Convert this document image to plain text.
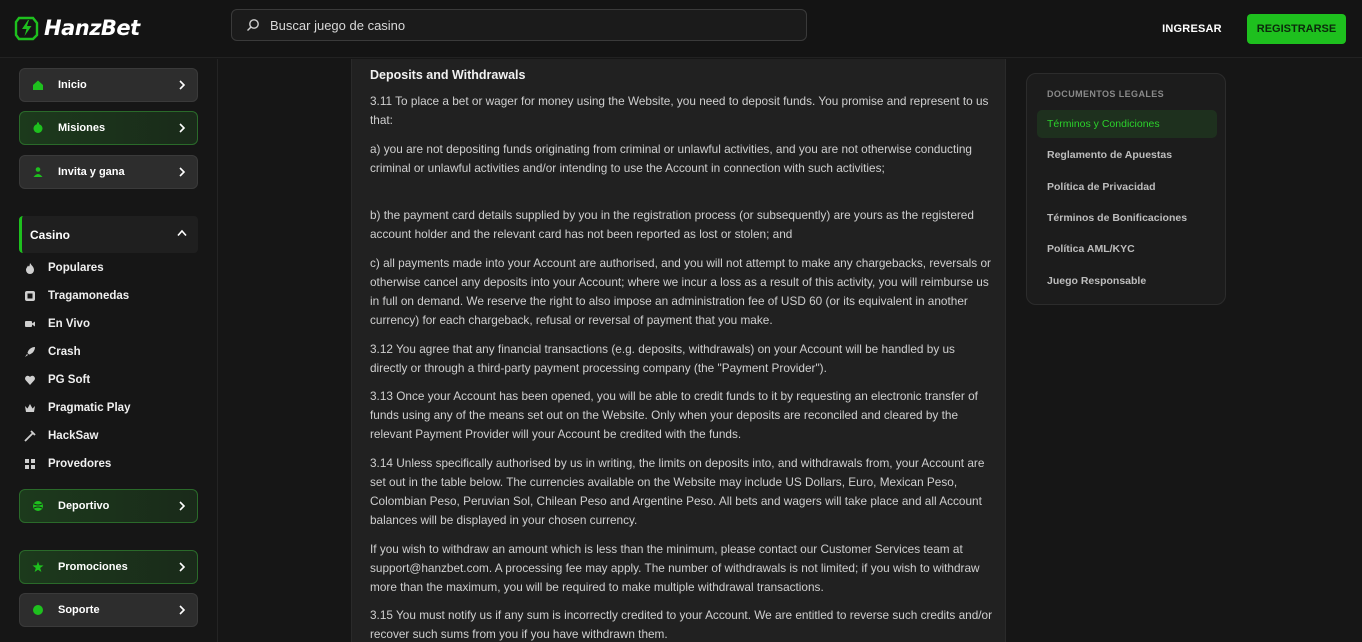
HanzBet	Buscar juego de casino	INGRESAR	REGISTRARSE
Inicio
Misiones
Invita y gana
Casino
Populares
Tragamonedas
En Vivo
Crash
PG Soft
Pragmatic Play
HackSaw
Provedores
Deportivo
Promociones
Soporte
Deposits and Withdrawals

3.11 To place a bet or wager for money using the Website, you need to deposit funds. You promise and represent to us that:

a) you are not depositing funds originating from criminal or unlawful activities, and you are not otherwise conducting criminal or unlawful activities and/or intending to use the Account in connection with such activities;

b) the payment card details supplied by you in the registration process (or subsequently) are yours as the registered account holder and the relevant card has not been reported as lost or stolen; and

c) all payments made into your Account are authorised, and you will not attempt to make any chargebacks, reversals or otherwise cancel any deposits into your Account; where we incur a loss as a result of this activity, you will reimburse us in full on demand. We reserve the right to also impose an administration fee of USD 60 (or its equivalent in another currency) for each chargeback, refusal or reversal of payment that you make.

3.12 You agree that any financial transactions (e.g. deposits, withdrawals) on your Account will be handled by us directly or through a third-party payment processing company (the "Payment Provider").

3.13 Once your Account has been opened, you will be able to credit funds to it by requesting an electronic transfer of funds using any of the means set out on the Website. Only when your deposits are reconciled and cleared by the relevant Payment Provider will your Account be credited with the funds.

3.14 Unless specifically authorised by us in writing, the limits on deposits into, and withdrawals from, your Account are set out in the table below. The currencies available on the Website may include US Dollars, Euro, Mexican Peso, Colombian Peso, Peruvian Sol, Chilean Peso and Argentine Peso. All bets and wagers will take place and all Account balances will be displayed in your chosen currency.

If you wish to withdraw an amount which is less than the minimum, please contact our Customer Services team at support@hanzbet.com. A processing fee may apply. The number of withdrawals is not limited; if you wish to withdraw more than the maximum, you will be required to make multiple withdrawal transactions.

3.15 You must notify us if any sum is incorrectly credited to your Account. We are entitled to reverse such credits and/or recover such sums from you if you have withdrawn them.

DOCUMENTOS LEGALES
Términos y Condiciones
Reglamento de Apuestas
Política de Privacidad
Términos de Bonificaciones
Política AML/KYC
Juego Responsable
